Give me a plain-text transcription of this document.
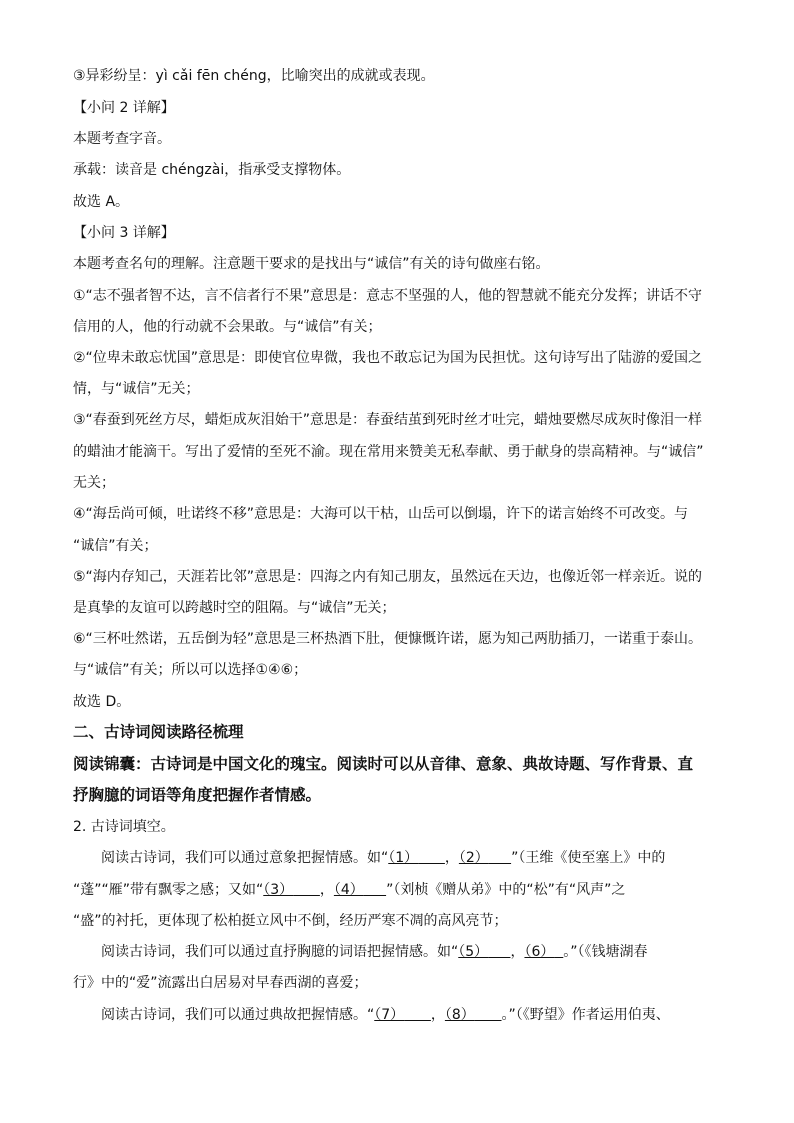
③异彩纷呈：yì cǎi fēn chéng，比喻突出的成就或表现。
【小问 2 详解】
本题考查字音。
承载：读音是 chéngzài，指承受支撑物体。
故选 A。
【小问 3 详解】
本题考查名句的理解。注意题干要求的是找出与“诚信”有关的诗句做座右铭。
①“志不强者智不达，言不信者行不果”意思是：意志不坚强的人，他的智慧就不能充分发挥；讲话不守
信用的人，他的行动就不会果敢。与“诚信”有关；
②“位卑未敢忘忧国”意思是：即使官位卑微，我也不敢忘记为国为民担忧。这句诗写出了陆游的爱国之
情，与“诚信”无关；
③“春蚕到死丝方尽，蜡炬成灰泪始干”意思是：春蚕结茧到死时丝才吐完，蜡烛要燃尽成灰时像泪一样
的蜡油才能滴干。写出了爱情的至死不渝。现在常用来赞美无私奉献、勇于献身的崇高精神。与“诚信”
无关；
④“海岳尚可倾，吐诺终不移”意思是：大海可以干枯，山岳可以倒塌，许下的诺言始终不可改变。与
“诚信”有关；
⑤“海内存知己，天涯若比邻”意思是：四海之内有知己朋友，虽然远在天边，也像近邻一样亲近。说的
是真挚的友谊可以跨越时空的阻隔。与“诚信”无关；
⑥“三杯吐然诺，五岳倒为轻”意思是三杯热酒下肚，便慷慨许诺，愿为知己两肋插刀，一诺重于泰山。
与“诚信”有关；所以可以选择①④⑥；
故选 D。
二、古诗词阅读路径梳理
阅读锦囊：古诗词是中国文化的瑰宝。阅读时可以从音律、意象、典故诗题、写作背景、直
抒胸臆的词语等角度把握作者情感。
2. 古诗词填空。
阅读古诗词，我们可以通过意象把握情感。如“（1） ，（2） ”（王维《使至塞上》中的
“蓬”“雁”带有飘零之感；又如“（3） ，（4） ”（刘桢《赠从弟》中的“松”有“风声”之
“盛”的衬托，更体现了松柏挺立风中不倒，经历严寒不凋的高风亮节；
阅读古诗词，我们可以通过直抒胸臆的词语把握情感。如“（5） ，（6） 。”（《钱塘湖春
行》中的“爱”流露出白居易对早春西湖的喜爱；
阅读古诗词，我们可以通过典故把握情感。“（7） ，（8） 。”（《野望》作者运用伯夷、
